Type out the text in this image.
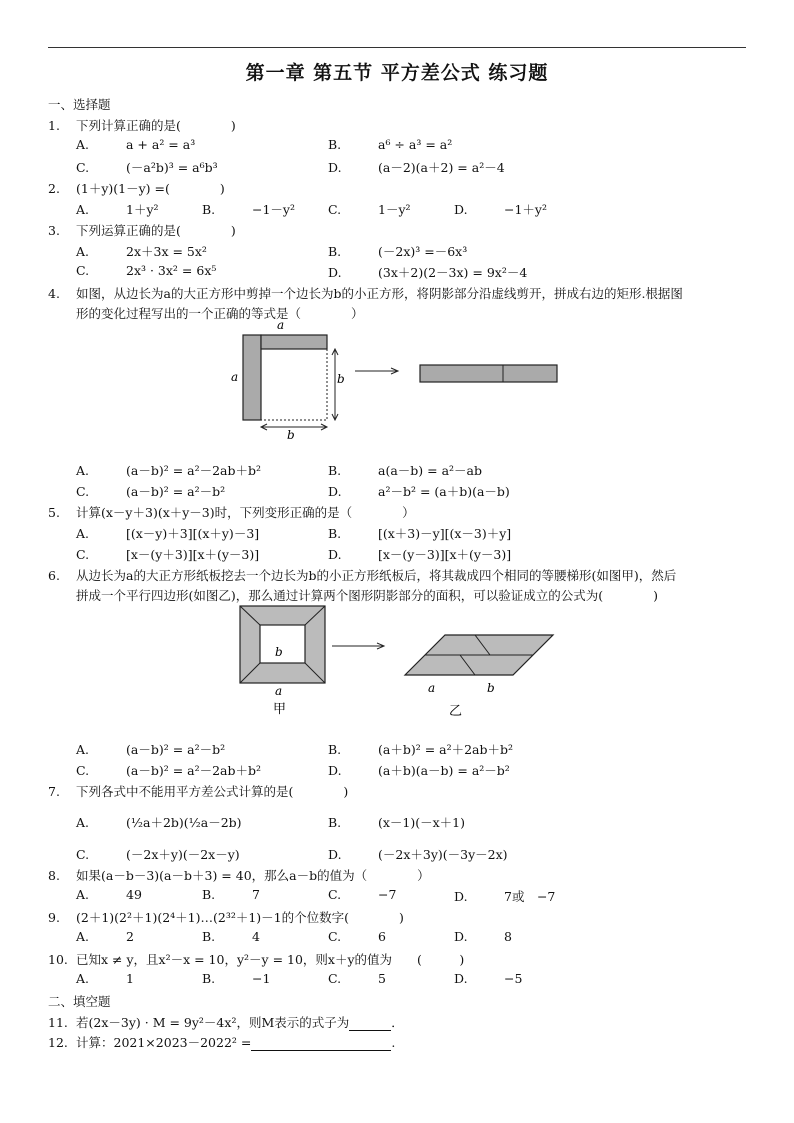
第一章 第五节 平方差公式 练习题
一、选择题
1. 下列计算正确的是(　　　　)
A.	a + a² = a³	B.	a⁶ ÷ a³ = a²
C.	(－a²b)³ = a⁶b³	D.	(a－2)(a＋2) = a²－4
2. (1＋y)(1－y) =(　　　　)
A.	1＋y²	B.	−1－y²	C.	1－y²	D.	−1＋y²
3. 下列运算正确的是(　　　　)
A.	2x＋3x = 5x²	B.	(－2x)³ =－6x³
C.	2x³ · 3x² = 6x⁵	D.	(3x＋2)(2－3x) = 9x²－4
4. 如图，从边长为a的大正方形中剪掉一个边长为b的小正方形，将阴影部分沿虚线剪开，拼成右边的矩形.根据图
形的变化过程写出的一个正确的等式是（　　　　）
a
a	b
b
A.	(a－b)² = a²－2ab＋b²	B.	a(a－b) = a²－ab
C.	(a－b)² = a²－b²	D.	a²－b² = (a＋b)(a－b)
5. 计算(x－y＋3)(x＋y－3)时，下列变形正确的是（　　　　）
A.	[(x－y)＋3][(x＋y)－3]	B.	[(x＋3)－y][(x－3)＋y]
C.	[x－(y＋3)][x＋(y－3)]	D.	[x－(y－3)][x＋(y－3)]
6. 从边长为a的大正方形纸板挖去一个边长为b的小正方形纸板后，将其裁成四个相同的等腰梯形(如图甲)，然后
拼成一个平行四边形(如图乙)，那么通过计算两个图形阴影部分的面积，可以验证成立的公式为(　　　　)
b
a
甲
a	b
乙
A.	(a－b)² = a²－b²	B.	(a＋b)² = a²＋2ab＋b²
C.	(a－b)² = a²－2ab＋b²	D.	(a＋b)(a－b) = a²－b²
7. 下列各式中不能用平方差公式计算的是(　　　　)
A.	(½a＋2b)(½a－2b)	B.	(x－1)(－x＋1)
C.	(－2x＋y)(－2x－y)	D.	(－2x＋3y)(－3y－2x)
8. 如果(a－b－3)(a－b＋3) = 40，那么a－b的值为（　　　　）
A.	49	B.	7	C.	−7	D.	7或　−7
9. (2＋1)(2²＋1)(2⁴＋1)…(2³²＋1)－1的个位数字(　　　　)
A.	2	B.	4	C.	6	D.	8
10. 已知x ≠ y，且x²－x = 10，y²－y = 10，则x＋y的值为　　(　　　)
A.	1	B.	−1	C.	5	D.	−5
二、填空题
11. 若(2x－3y) · M = 9y²－4x²，则M表示的式子为	．
12. 计算：2021×2023－2022² =	.
